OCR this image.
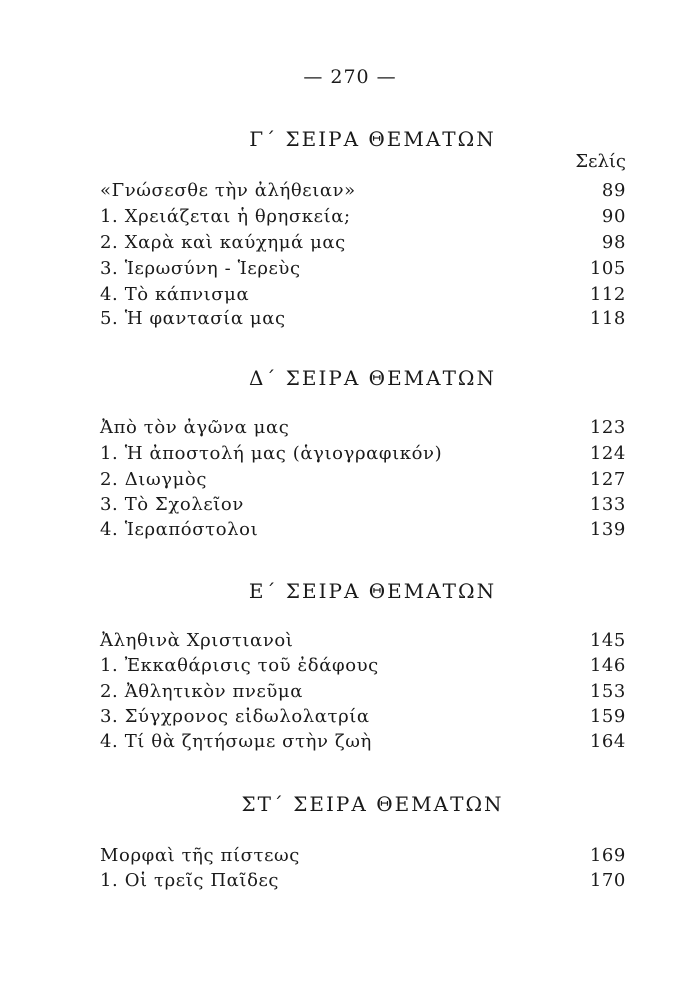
— 270 —
Γ΄ ΣΕΙΡΑ ΘΕΜΑΤΩΝ
Σελίς
«Γνώσεσθε τὴν ἀλήθειαν»	89
1. Χρειάζεται ἡ θρησκεία;	90
2. Χαρὰ καὶ καύχημά μας	98
3. Ἱερωσύνη - Ἱερεὺς	105
4. Τὸ κάπνισμα	112
5. Ἡ φαντασία μας	118
Δ΄ ΣΕΙΡΑ ΘΕΜΑΤΩΝ
Ἀπὸ τὸν ἀγῶνα μας	123
1. Ἡ ἀποστολή μας (ἁγιογραφικόν)	124
2. Διωγμὸς	127
3. Τὸ Σχολεῖον	133
4. Ἱεραπόστολοι	139
Ε΄ ΣΕΙΡΑ ΘΕΜΑΤΩΝ
Ἀληθινὰ Χριστιανοὶ	145
1. Ἐκκαθάρισις τοῦ ἐδάφους	146
2. Ἀθλητικὸν πνεῦμα	153
3. Σύγχρονος εἰδωλολατρία	159
4. Τί θὰ ζητήσωμε στὴν ζωὴ	164
ΣΤ΄ ΣΕΙΡΑ ΘΕΜΑΤΩΝ
Μορφαὶ τῆς πίστεως	169
1. Οἱ τρεῖς Παῖδες	170
